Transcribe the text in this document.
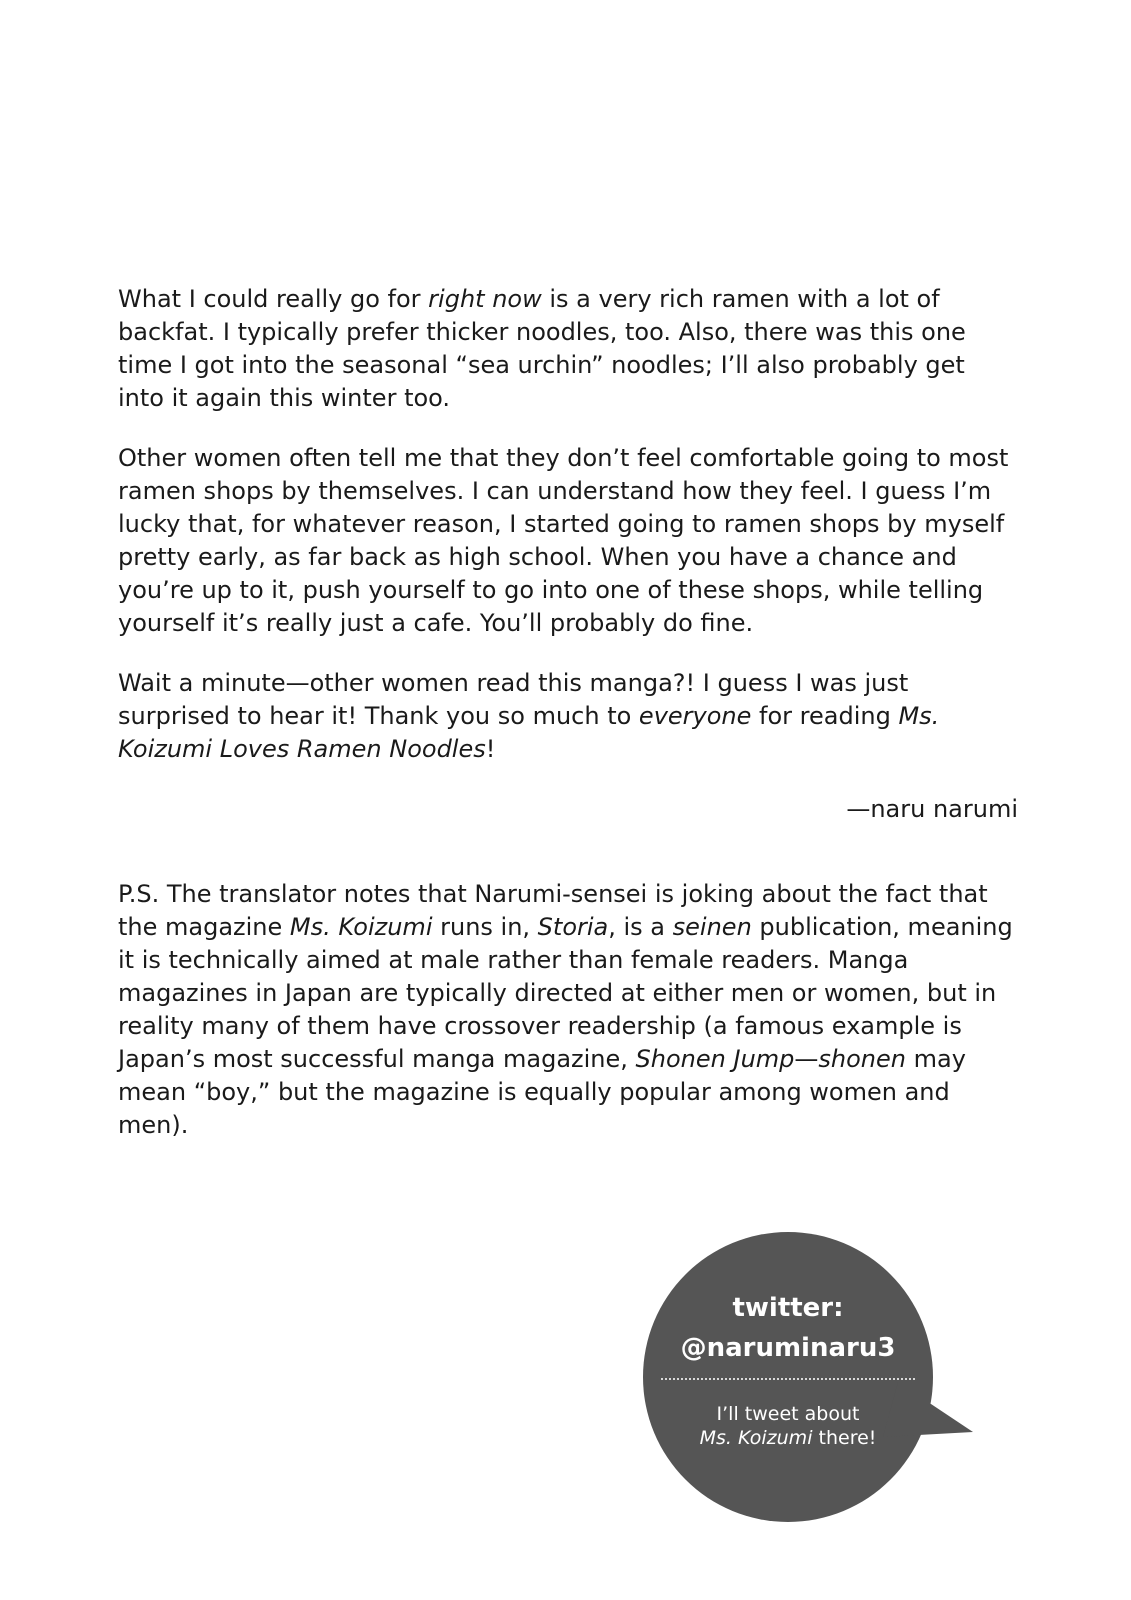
What I could really go for right now is a very rich ramen with a lot of backfat. I typically prefer thicker noodles, too. Also, there was this one time I got into the seasonal “sea urchin” noodles; I’ll also probably get into it again this winter too.

Other women often tell me that they don’t feel comfortable going to most ramen shops by themselves. I can understand how they feel. I guess I’m lucky that, for whatever reason, I started going to ramen shops by myself pretty early, as far back as high school. When you have a chance and you’re up to it, push yourself to go into one of these shops, while telling yourself it’s really just a cafe. You’ll probably do fine.

Wait a minute—other women read this manga?! I guess I was just surprised to hear it! Thank you so much to everyone for reading Ms. Koizumi Loves Ramen Noodles!

—naru narumi

P.S. The translator notes that Narumi-sensei is joking about the fact that the magazine Ms. Koizumi runs in, Storia, is a seinen publication, meaning it is technically aimed at male rather than female readers. Manga magazines in Japan are typically directed at either men or women, but in reality many of them have crossover readership (a famous example is Japan’s most successful manga magazine, Shonen Jump—shonen may mean “boy,” but the magazine is equally popular among women and men).

twitter:
@naruminaru3
I’ll tweet about
Ms. Koizumi there!
